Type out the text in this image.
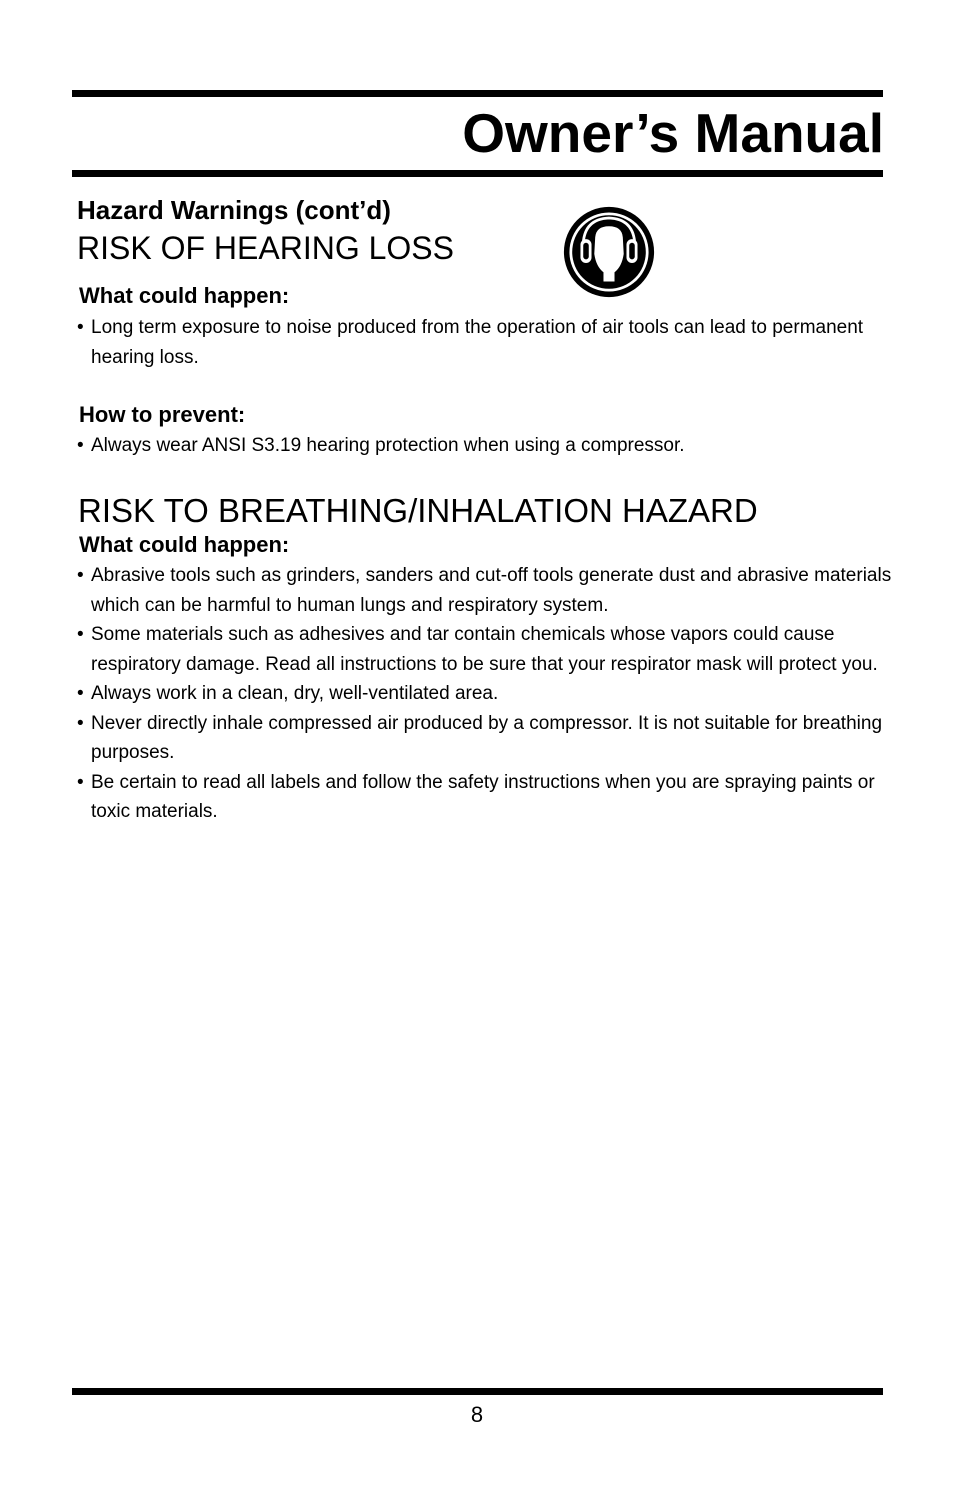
Owner’s Manual
Hazard Warnings (cont’d)
RISK OF HEARING LOSS
What could happen:
• Long term exposure to noise produced from the operation of air tools can lead to permanent hearing loss.
How to prevent:
• Always wear ANSI S3.19 hearing protection when using a compressor.
RISK TO BREATHING/INHALATION HAZARD
What could happen:
• Abrasive tools such as grinders, sanders and cut-off tools generate dust and abrasive materials which can be harmful to human lungs and respiratory system.
• Some materials such as adhesives and tar contain chemicals whose vapors could cause respiratory damage. Read all instructions to be sure that your respirator mask will protect you.
• Always work in a clean, dry, well-ventilated area.
• Never directly inhale compressed air produced by a compressor. It is not suitable for breathing purposes.
• Be certain to read all labels and follow the safety instructions when you are spraying paints or toxic materials.

8
